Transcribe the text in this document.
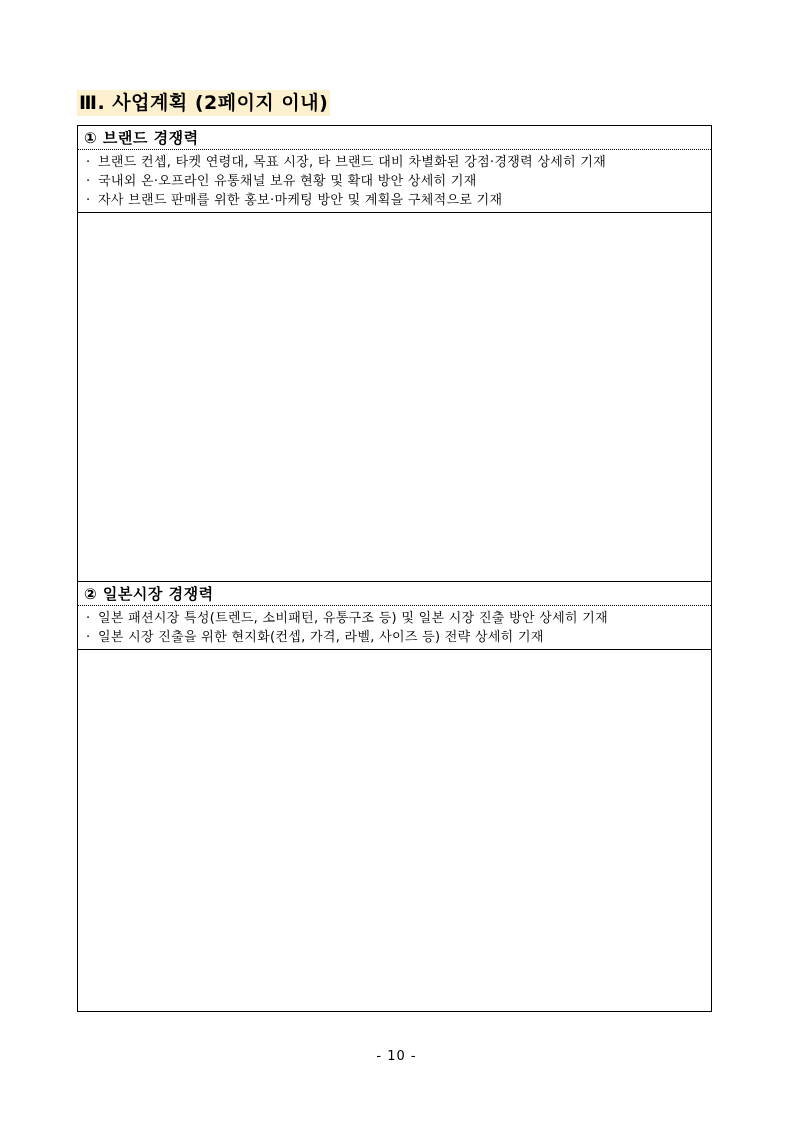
Ⅲ. 사업계획 (2페이지 이내)
① 브랜드 경쟁력
· 브랜드 컨셉, 타켓 연령대, 목표 시장, 타 브랜드 대비 차별화된 강점·경쟁력 상세히 기재
· 국내외 온·오프라인 유통채널 보유 현황 및 확대 방안 상세히 기재
· 자사 브랜드 판매를 위한 홍보·마케팅 방안 및 계획을 구체적으로 기재
② 일본시장 경쟁력
· 일본 패션시장 특성(트렌드, 소비패턴, 유통구조 등) 및 일본 시장 진출 방안 상세히 기재
· 일본 시장 진출을 위한 현지화(컨셉, 가격, 라벨, 사이즈 등) 전략 상세히 기재
- 10 -
